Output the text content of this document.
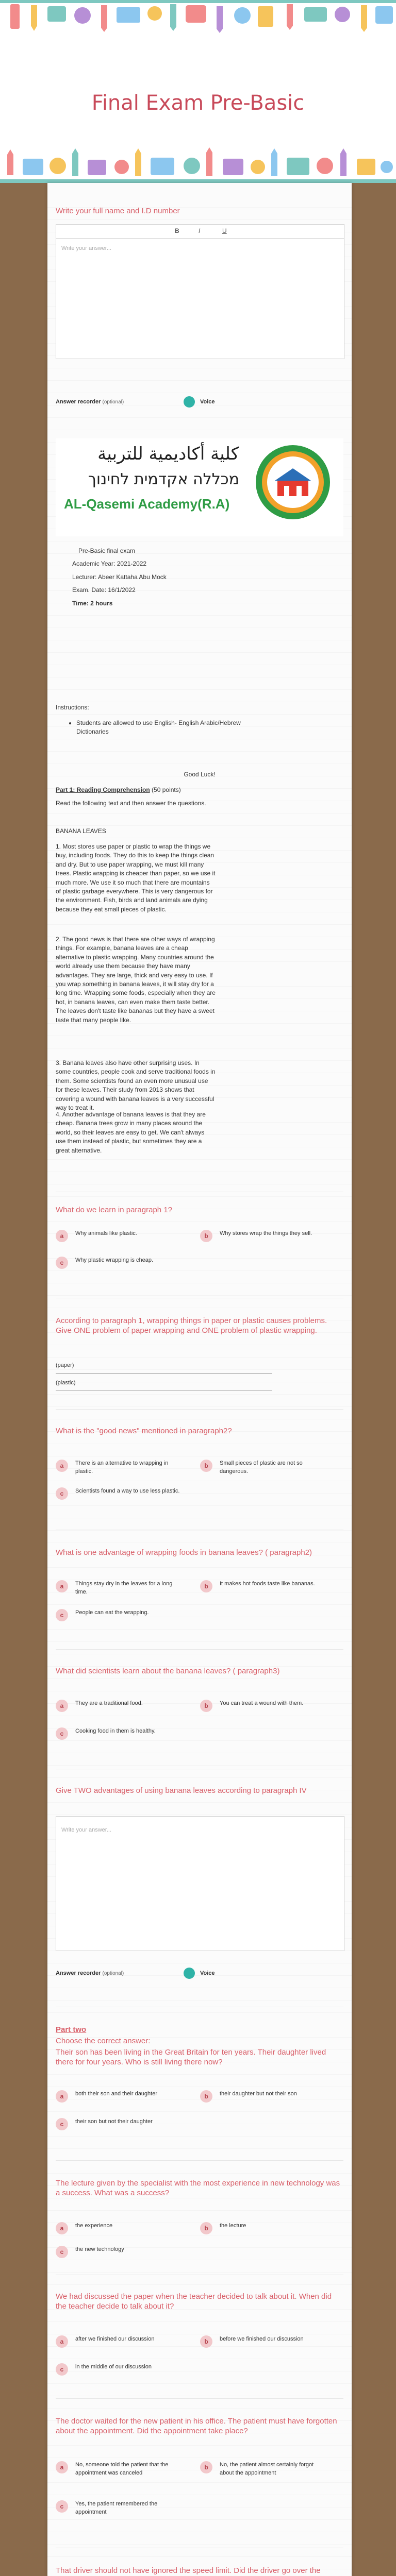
Final Exam Pre-Basic
Write your full name and I.D number
B	I	U
Write your answer...
Answer recorder (optional)	Voice
كلية أكاديمية للتربية
מכללה אקדמית לחינוך
AL-Qasemi Academy(R.A)
Pre-Basic final exam
Academic Year: 2021-2022
Lecturer: Abeer Kattaha Abu Mock
Exam. Date: 16/1/2022
Time: 2 hours
Instructions:
• Students are allowed to use English- English Arabic/Hebrew Dictionaries
Good Luck!
Part 1: Reading Comprehension (50 points)
Read the following text and then answer the questions.
BANANA LEAVES
1. Most stores use paper or plastic to wrap the things we buy, including foods. They do this to keep the things clean and dry. But to use paper wrapping, we must kill many trees. Plastic wrapping is cheaper than paper, so we use it much more. We use it so much that there are mountains of plastic garbage everywhere. This is very dangerous for the environment. Fish, birds and land animals are dying because they eat small pieces of plastic.
2. The good news is that there are other ways of wrapping things. For example, banana leaves are a cheap alternative to plastic wrapping. Many countries around the world already use them because they have many advantages. They are large, thick and very easy to use. If you wrap something in banana leaves, it will stay dry for a long time. Wrapping some foods, especially when they are hot, in banana leaves, can even make them taste better. The leaves don't taste like bananas but they have a sweet taste that many people like.
3. Banana leaves also have other surprising uses. In some countries, people cook and serve traditional foods in them. Some scientists found an even more unusual use for these leaves. Their study from 2013 shows that covering a wound with banana leaves is a very successful way to treat it.
4. Another advantage of banana leaves is that they are cheap. Banana trees grow in many places around the world, so their leaves are easy to get. We can't always use them instead of plastic, but sometimes they are a great alternative.
What do we learn in paragraph 1?
a	Why animals like plastic.	b	Why stores wrap the things they sell.
c	Why plastic wrapping is cheap.
According to paragraph 1, wrapping things in paper or plastic causes problems. Give ONE problem of paper wrapping and ONE problem of plastic wrapping.
(paper)
(plastic)
What is the "good news" mentioned in paragraph2?
a	There is an alternative to wrapping in plastic.
b	Small pieces of plastic are not so dangerous.
c	Scientists found a way to use less plastic.
What is one advantage of wrapping foods in banana leaves? ( paragraph2)
a	Things stay dry in the leaves for a long time.
b	It makes hot foods taste like bananas.
c	People can eat the wrapping.
What did scientists learn about the banana leaves? ( paragraph3)
a	They are a traditional food.	b	You can treat a wound with them.
c	Cooking food in them is healthy.
Give TWO advantages of using banana leaves according to paragraph IV
Write your answer...
Answer recorder (optional)	Voice
Part two
Choose the correct answer:
Their son has been living in the Great Britain for ten years. Their daughter lived there for four years. Who is still living there now?
a	both their son and their daughter	b	their daughter but not their son
c	their son but not their daughter
The lecture given by the specialist with the most experience in new technology was a success. What was a success?
a	the experience	b	the lecture
c	the new technology
We had discussed the paper when the teacher decided to talk about it. When did the teacher decide to talk about it?
a	after we finished our discussion	b	before we finished our discussion
c	in the middle of our discussion
The doctor waited for the new patient in his office. The patient must have forgotten about the appointment. Did the appointment take place?
a	No, someone told the patient that the appointment was canceled
b	No, the patient almost certainly forgot about the appointment
c	Yes, the patient remembered the appointment
That driver should not have ignored the speed limit. Did the driver go over the
